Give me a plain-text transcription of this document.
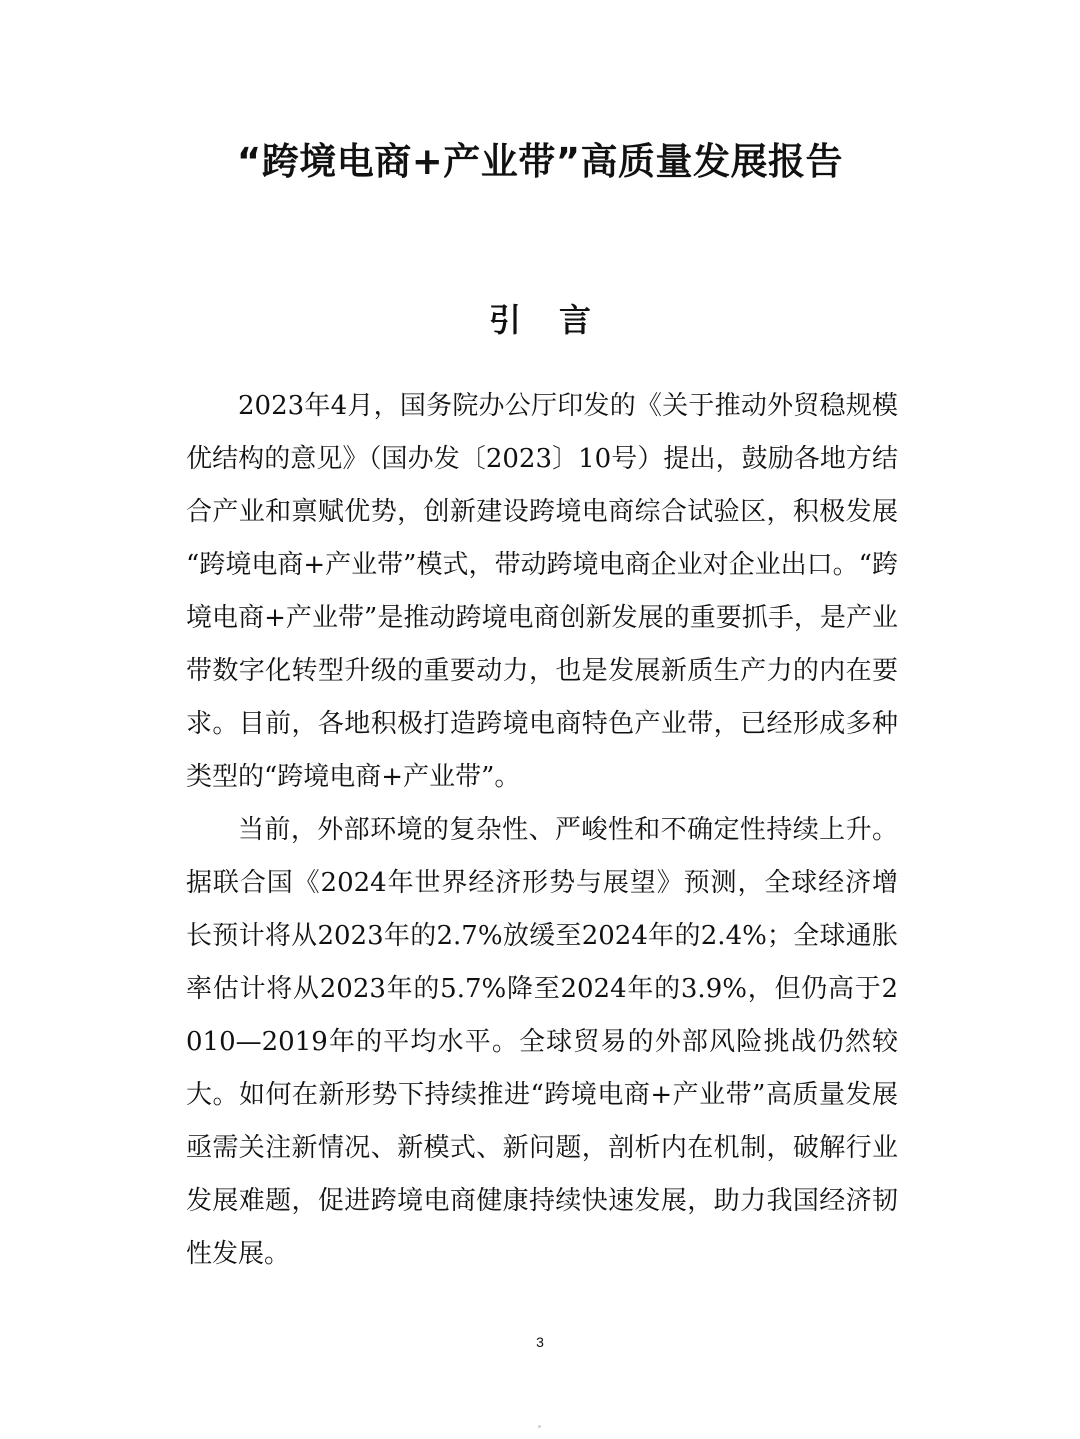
“跨境电商+产业带”高质量发展报告
引言

2023年4月，国务院办公厅印发的《关于推动外贸稳规模优结构的意见》（国办发〔2023〕10号）提出，鼓励各地方结合产业和禀赋优势，创新建设跨境电商综合试验区，积极发展“跨境电商+产业带”模式，带动跨境电商企业对企业出口。“跨境电商+产业带”是推动跨境电商创新发展的重要抓手，是产业带数字化转型升级的重要动力，也是发展新质生产力的内在要求。目前，各地积极打造跨境电商特色产业带，已经形成多种类型的“跨境电商+产业带”。

当前，外部环境的复杂性、严峻性和不确定性持续上升。据联合国《2024年世界经济形势与展望》预测，全球经济增长预计将从2023年的2.7%放缓至2024年的2.4%；全球通胀率估计将从2023年的5.7%降至2024年的3.9%，但仍高于2010—2019年的平均水平。全球贸易的外部风险挑战仍然较大。如何在新形势下持续推进“跨境电商+产业带”高质量发展亟需关注新情况、新模式、新问题，剖析内在机制，破解行业发展难题，促进跨境电商健康持续快速发展，助力我国经济韧性发展。

3
